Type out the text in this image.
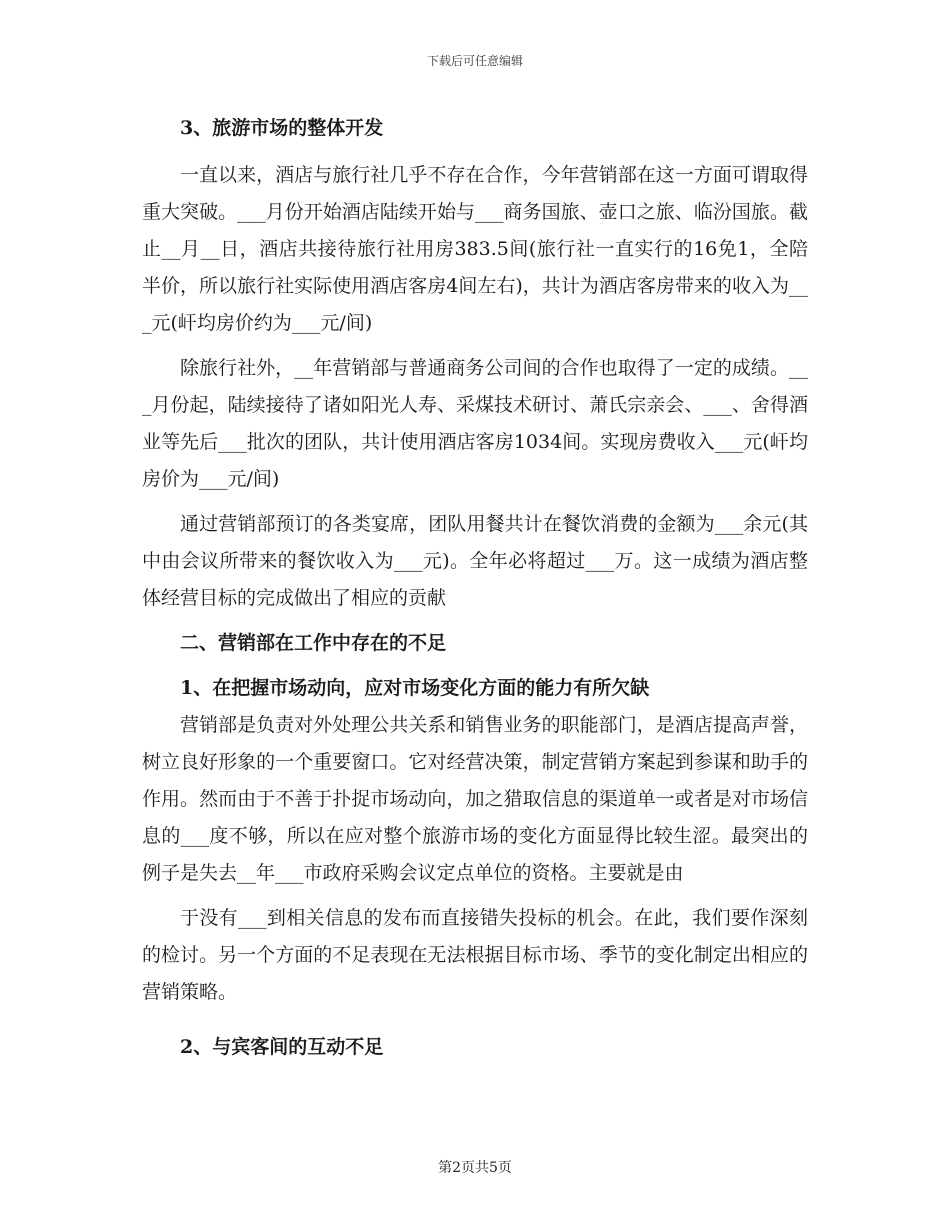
下载后可任意编辑

3、旅游市场的整体开发

一直以来，酒店与旅行社几乎不存在合作，今年营销部在这一方面可谓取得重大突破。___月份开始酒店陆续开始与___商务国旅、壶口之旅、临汾国旅。截止__月__日，酒店共接待旅行社用房383.5间(旅行社一直实行的16免1，全陪半价，所以旅行社实际使用酒店客房4间左右)，共计为酒店客房带来的收入为___元(屽均房价约为___元/间)

除旅行社外，__年营销部与普通商务公司间的合作也取得了一定的成绩。___月份起，陆续接待了诸如阳光人寿、采煤技术研讨、萧氏宗亲会、___、舍得酒业等先后___批次的团队，共计使用酒店客房1034间。实现房费收入___元(屽均房价为___元/间)

通过营销部预订的各类宴席，团队用餐共计在餐饮消费的金额为___余元(其中由会议所带来的餐饮收入为___元)。全年必将超过___万。这一成绩为酒店整体经营目标的完成做出了相应的贡献

二、营销部在工作中存在的不足

1、在把握市场动向，应对市场变化方面的能力有所欠缺

营销部是负责对外处理公共关系和销售业务的职能部门，是酒店提高声誉，树立良好形象的一个重要窗口。它对经营决策，制定营销方案起到参谋和助手的作用。然而由于不善于扑捉市场动向，加之猎取信息的渠道单一或者是对市场信息的___度不够，所以在应对整个旅游市场的变化方面显得比较生涩。最突出的例子是失去__年___市政府采购会议定点单位的资格。主要就是由

于没有___到相关信息的发布而直接错失投标的机会。在此，我们要作深刻的检讨。另一个方面的不足表现在无法根据目标市场、季节的变化制定出相应的营销策略。

2、与宾客间的互动不足

第2页共5页
